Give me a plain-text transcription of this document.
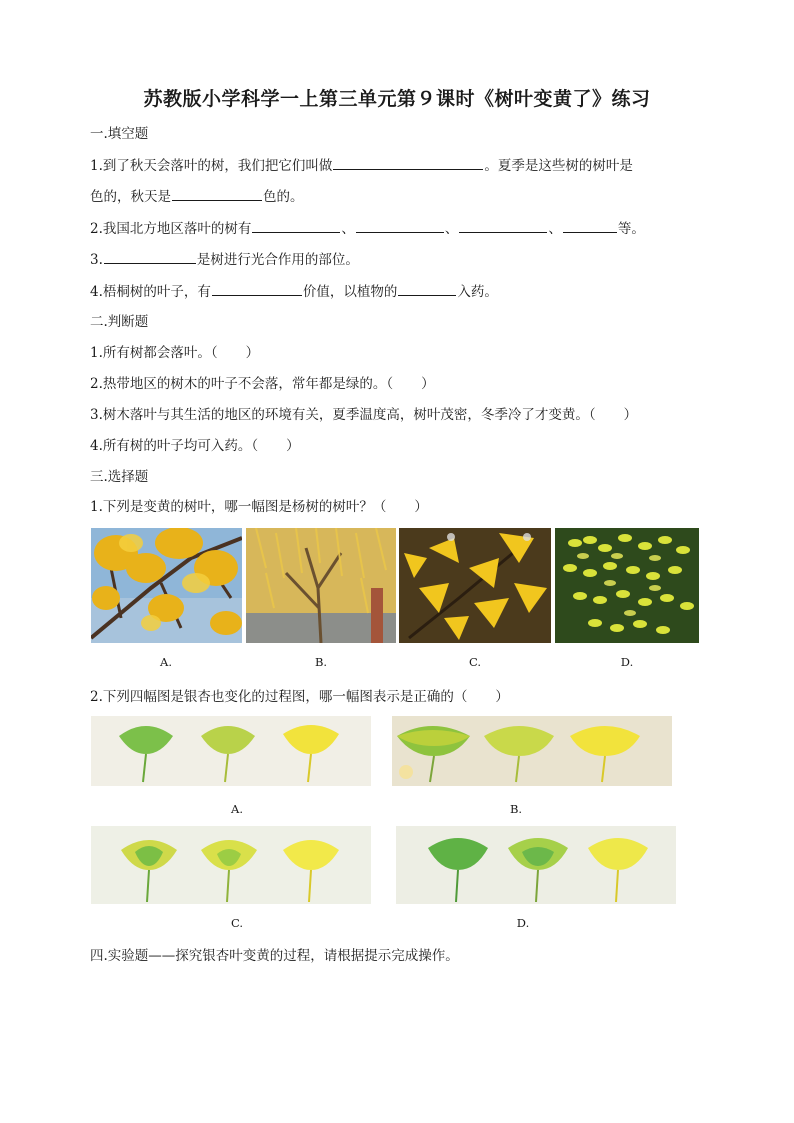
苏教版小学科学一上第三单元第９课时《树叶变黄了》练习
一.填空题
1.到了秋天会落叶的树，我们把它们叫做	。夏季是这些树的树叶是
色的，秋天是	色的。
2.我国北方地区落叶的树有	、	、	、	等。
3.	是树进行光合作用的部位。
4.梧桐树的叶子，有	价值，以植物的	入药。
二.判断题
1.所有树都会落叶。（ ）
2.热带地区的树木的叶子不会落，常年都是绿的。（ ）
3.树木落叶与其生活的地区的环境有关，夏季温度高，树叶茂密，冬季冷了才变黄。（ ）
4.所有树的叶子均可入药。（ ）
三.选择题
1.下列是变黄的树叶，哪一幅图是杨树的树叶？（ ）
A.	B.	C.	D.
2.下列四幅图是银杏也变化的过程图，哪一幅图表示是正确的（ ）
A.	B.
C.	D.
四.实验题——探究银杏叶变黄的过程，请根据提示完成操作。
